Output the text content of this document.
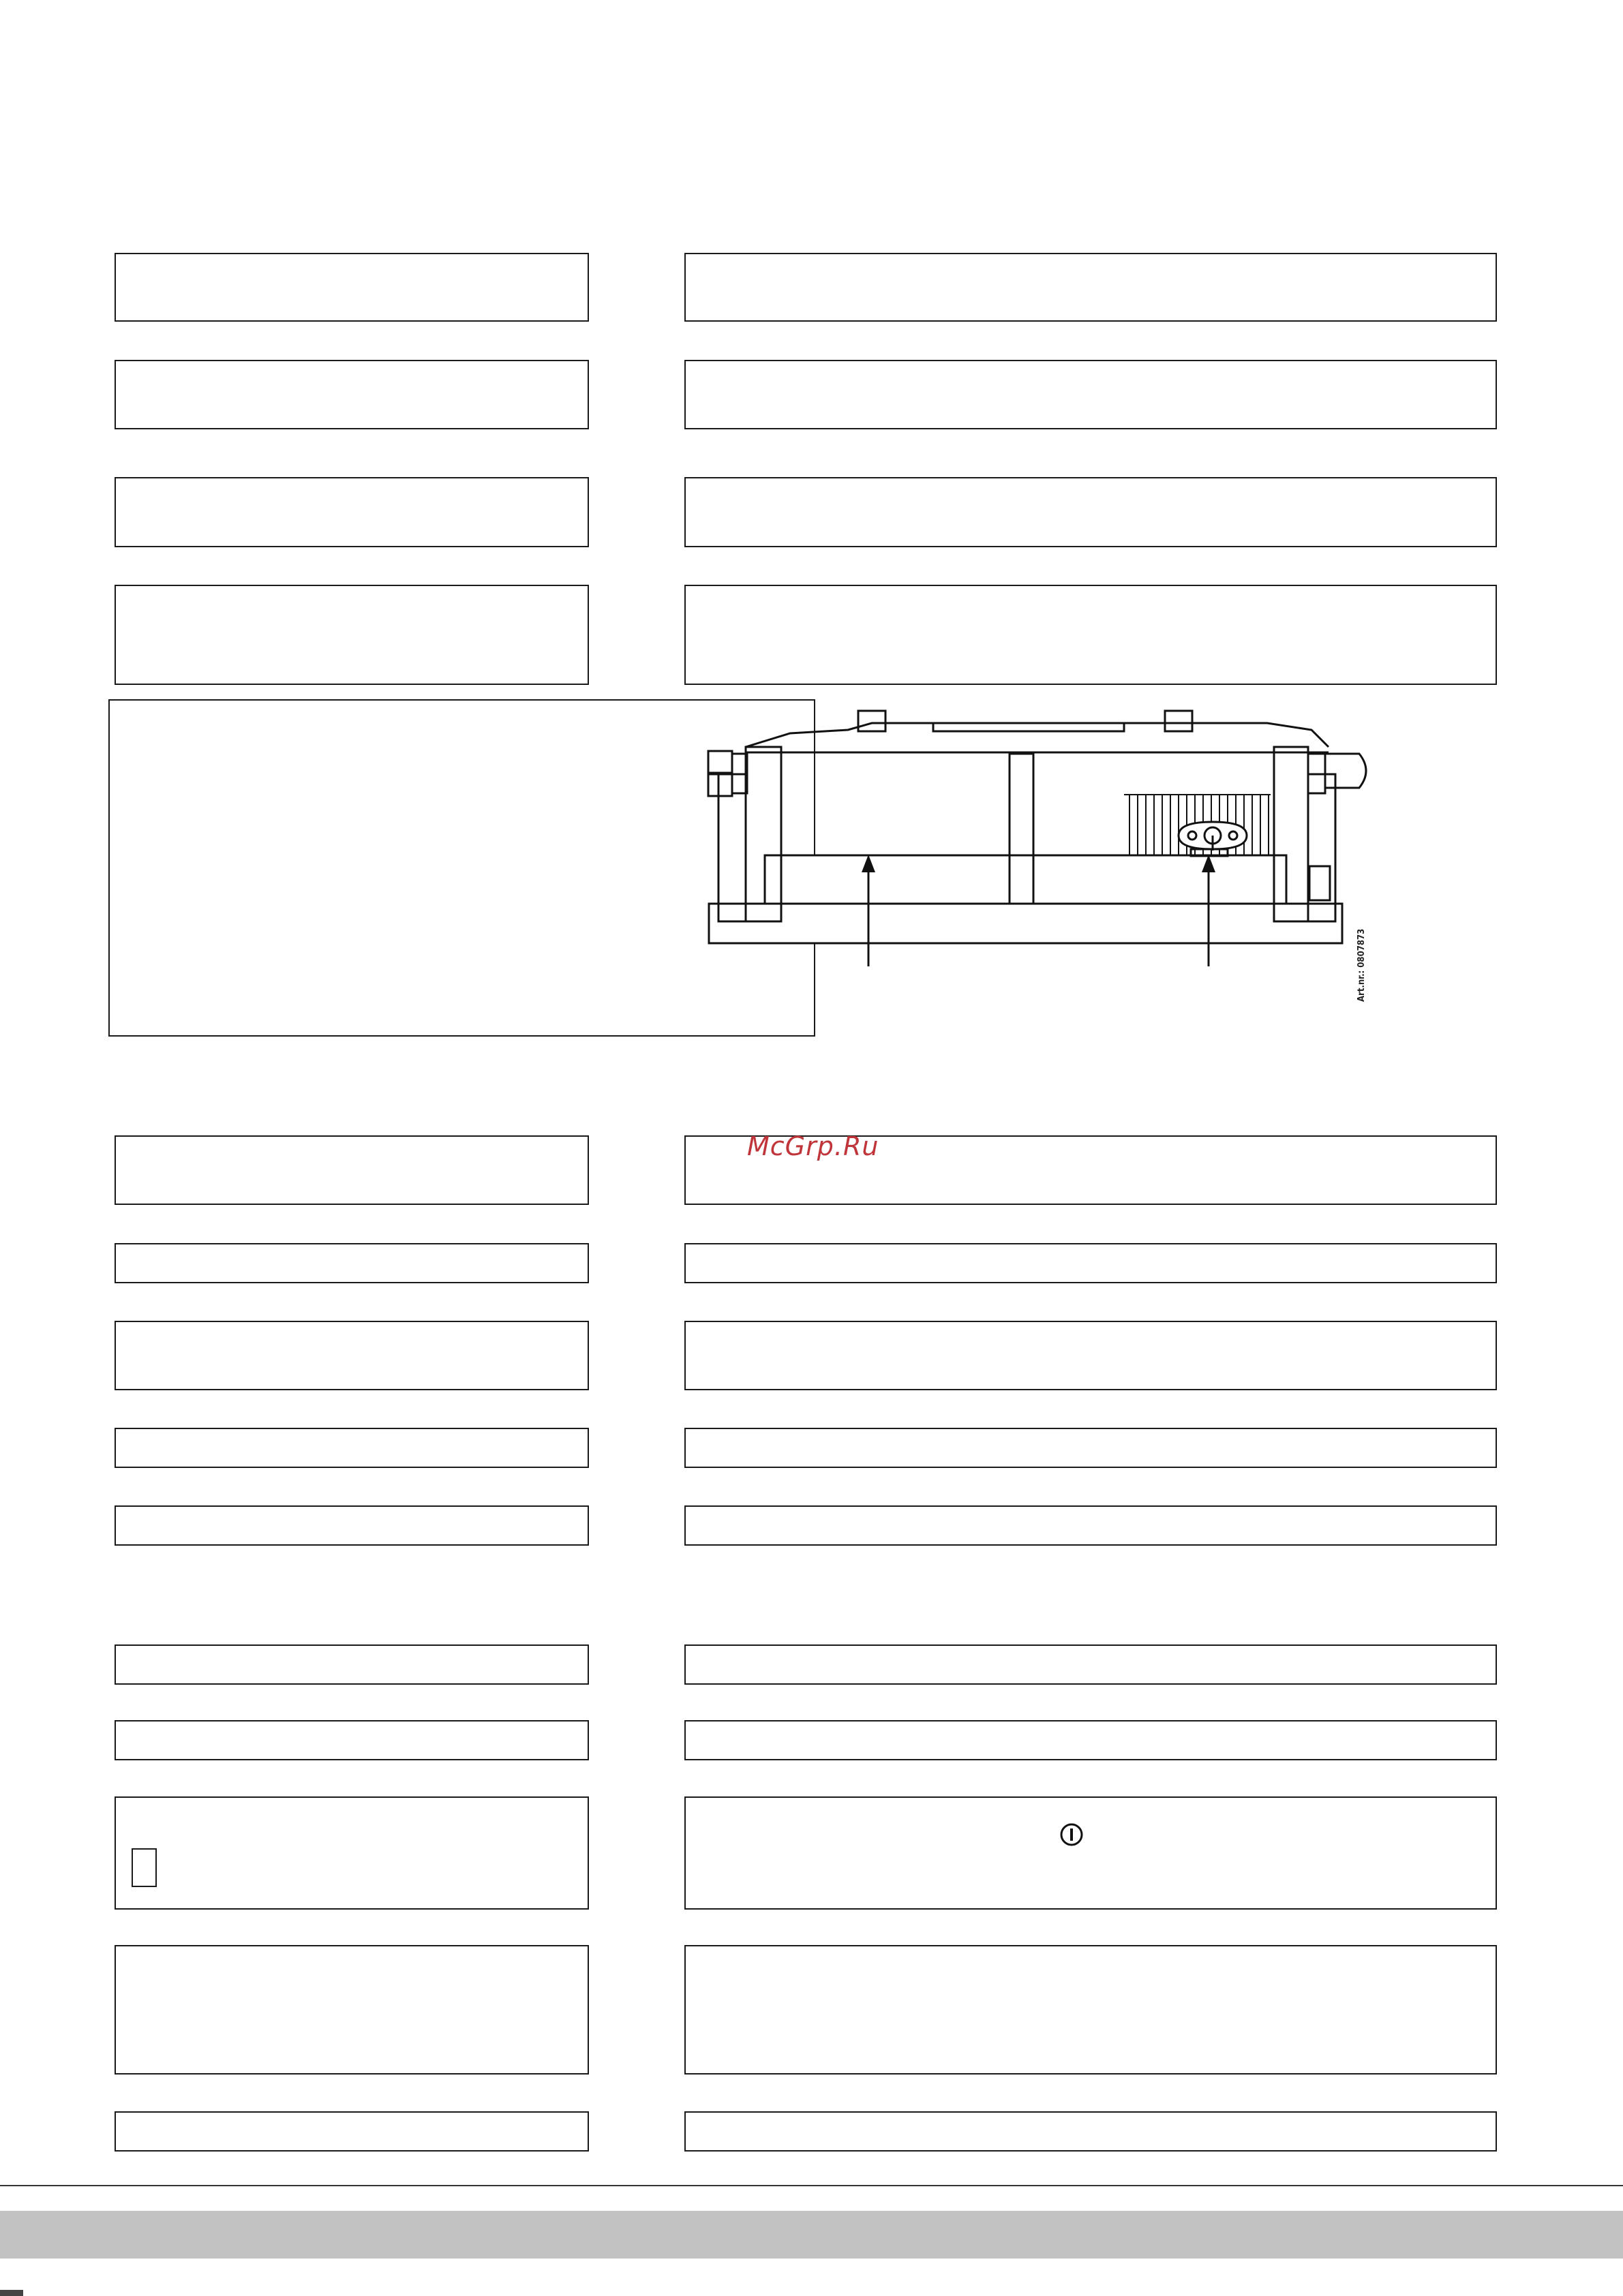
Art.nr.: 0807873
McGrp.Ru
